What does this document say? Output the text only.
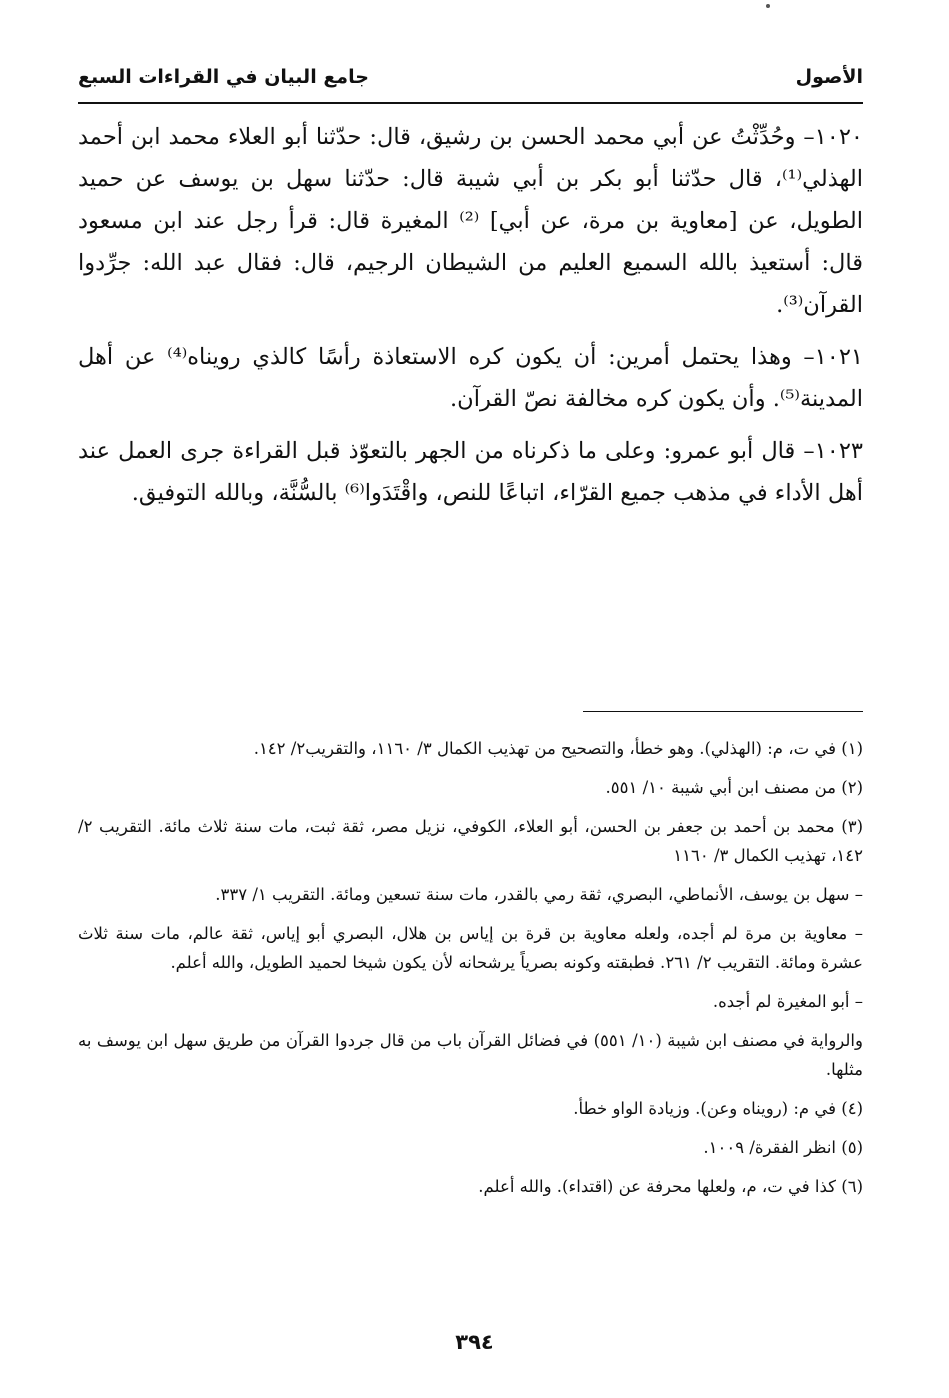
الأصول
جامع البيان في القراءات السبع

١٠٢٠– وحُدِّثْتُ عن أبي محمد الحسن بن رشيق، قال: حدّثنا أبو العلاء محمد ابن أحمد الهذلي⁽¹⁾، قال حدّثنا أبو بكر بن أبي شيبة قال: حدّثنا سهل بن يوسف عن حميد الطويل، عن [معاوية بن مرة، عن أبي] ⁽²⁾ المغيرة قال: قرأ رجل عند ابن مسعود قال: أستعيذ بالله السميع العليم من الشيطان الرجيم، قال: فقال عبد الله: جرِّدوا القرآن⁽³⁾.

١٠٢١– وهذا يحتمل أمرين: أن يكون كره الاستعاذة رأسًا كالذي رويناه⁽⁴⁾ عن أهل المدينة⁽⁵⁾. وأن يكون كره مخالفة نصّ القرآن.

١٠٢٣– قال أبو عمرو: وعلى ما ذكرناه من الجهر بالتعوّذ قبل القراءة جرى العمل عند أهل الأداء في مذهب جميع القرّاء، اتباعًا للنص، واقْتَدَوا⁽⁶⁾ بالسُّنَّة، وبالله التوفيق.

(١) في ت، م: (الهذلي). وهو خطأ، والتصحيح من تهذيب الكمال ٣/ ١١٦٠، والتقريب٢/ ١٤٢.

(٢) من مصنف ابن أبي شيبة ١٠/ ٥٥١.

(٣) محمد بن أحمد بن جعفر بن الحسن، أبو العلاء، الكوفي، نزيل مصر، ثقة ثبت، مات سنة ثلاث مائة. التقريب ٢/ ١٤٢، تهذيب الكمال ٣/ ١١٦٠

– سهل بن يوسف، الأنماطي، البصري، ثقة رمي بالقدر، مات سنة تسعين ومائة. التقريب ١/ ٣٣٧.

– معاوية بن مرة لم أجده، ولعله معاوية بن قرة بن إياس بن هلال، البصري أبو إياس، ثقة عالم، مات سنة ثلاث عشرة ومائة. التقريب ٢/ ٢٦١. فطبقته وكونه بصرياً يرشحانه لأن يكون شيخا لحميد الطويل، والله أعلم.

– أبو المغيرة لم أجده.

والرواية في مصنف ابن شيبة (١٠/ ٥٥١) في فضائل القرآن باب من قال جردوا القرآن من طريق سهل ابن يوسف به مثلها.

(٤) في م: (رويناه وعن). وزيادة الواو خطأ.

(٥) انظر الفقرة/ ١٠٠٩.

(٦) كذا في ت، م، ولعلها محرفة عن (اقتداء). والله أعلم.

٣٩٤
